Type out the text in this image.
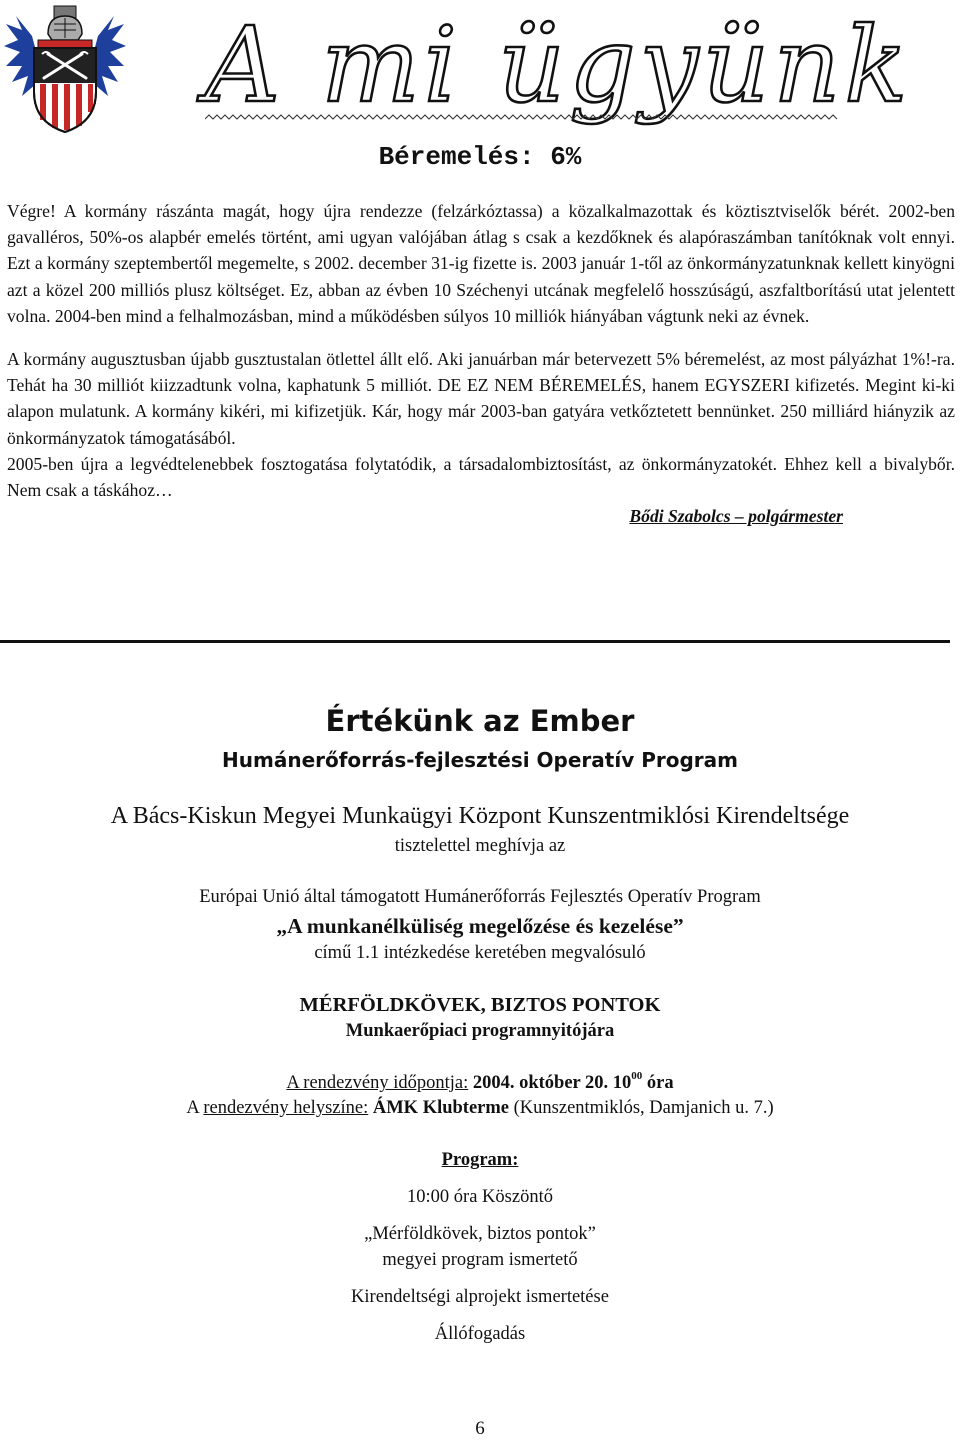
A mi ügyünk
Béremelés: 6%

Végre! A kormány rászánta magát, hogy újra rendezze (felzárkóztassa) a közalkalmazottak és köztisztviselők bérét. 2002-ben gavalléros, 50%-os alapbér emelés történt, ami ugyan valójában átlag s csak a kezdőknek és alapóraszámban tanítóknak volt ennyi. Ezt a kormány szeptembertől megemelte, s 2002. december 31-ig fizette is. 2003 január 1-től az önkormányzatunknak kellett kinyögni azt a közel 200 milliós plusz költséget. Ez, abban az évben 10 Széchenyi utcának megfelelő hosszúságú, aszfaltborítású utat jelentett volna. 2004-ben mind a felhalmozásban, mind a működésben súlyos 10 milliók hiányában vágtunk neki az évnek.

A kormány augusztusban újabb gusztustalan ötlettel állt elő. Aki januárban már betervezett 5% béremelést, az most pályázhat 1%!-ra. Tehát ha 30 milliót kiizzadtunk volna, kaphatunk 5 milliót. DE EZ NEM BÉREMELÉS, hanem EGYSZERI kifizetés. Megint ki-ki alapon mulatunk. A kormány kikéri, mi kifizetjük. Kár, hogy már 2003-ban gatyára vetkőztetett bennünket. 250 milliárd hiányzik az önkormányzatok támogatásából.

2005-ben újra a legvédtelenebbek fosztogatása folytatódik, a társadalombiztosítást, az önkormányzatokét. Ehhez kell a bivalybőr. Nem csak a táskához…

Bődi Szabolcs – polgármester
Értékünk az Ember
Humánerőforrás-fejlesztési Operatív Program
A Bács-Kiskun Megyei Munkaügyi Központ Kunszentmiklósi Kirendeltsége
tisztelettel meghívja az
Európai Unió által támogatott Humánerőforrás Fejlesztés Operatív Program
„A munkanélküliség megelőzése és kezelése”
című 1.1 intézkedése keretében megvalósuló
MÉRFÖLDKÖVEK, BIZTOS PONTOK
Munkaerőpiaci programnyitójára
A rendezvény időpontja: 2004. október 20. $10^{00}$ óra
A rendezvény helyszíne: ÁMK Klubterme (Kunszentmiklós, Damjanich u. 7.)
Program:
10:00 óra Köszöntő
„Mérföldkövek, biztos pontok”
megyei program ismertető
Kirendeltségi alprojekt ismertetése
Állófogadás
6
